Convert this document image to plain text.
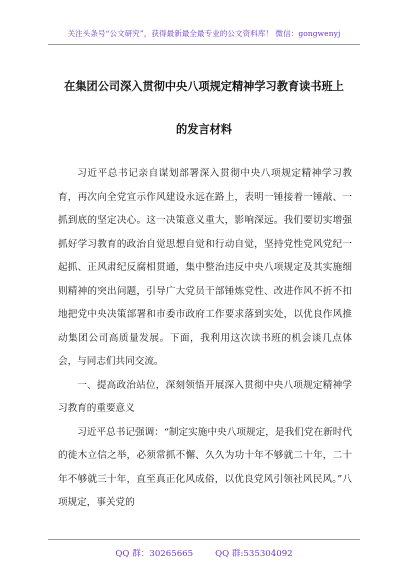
关注头条号“公文研究”，获得最新最全最专业的公文资料库！ 微信：gongwenyj
在集团公司深入贯彻中央八项规定精神学习教育读书班上
的发言材料

习近平总书记亲自谋划部署深入贯彻中央八项规定精神学习教育，再次向全党宣示作风建设永远在路上，表明一锤接着一锤敲、一抓到底的坚定决心。这一决策意义重大，影响深远。我们要切实增强抓好学习教育的政治自觉思想自觉和行动自觉，坚持党性党风党纪一起抓、正风肃纪反腐相贯通，集中整治违反中央八项规定及其实施细则精神的突出问题，引导广大党员干部锤炼党性、改进作风不折不扣地把党中央决策部署和市委市政府工作要求落到实处，以优良作风推动集团公司高质量发展。下面，我利用这次读书班的机会谈几点体会，与同志们共同交流。

一、提高政治站位，深刻领悟开展深入贯彻中央八项规定精神学习教育的重要意义

习近平总书记强调：“制定实施中央八项规定，是我们党在新时代的徙木立信之举，必须常抓不懈、久久为功十年不够就二十年，二十年不够就三十年，直至真正化风成俗，以优良党风引领社风民风。”八项规定，事关党的

QQ 群：30265665	QQ 群:535304092
